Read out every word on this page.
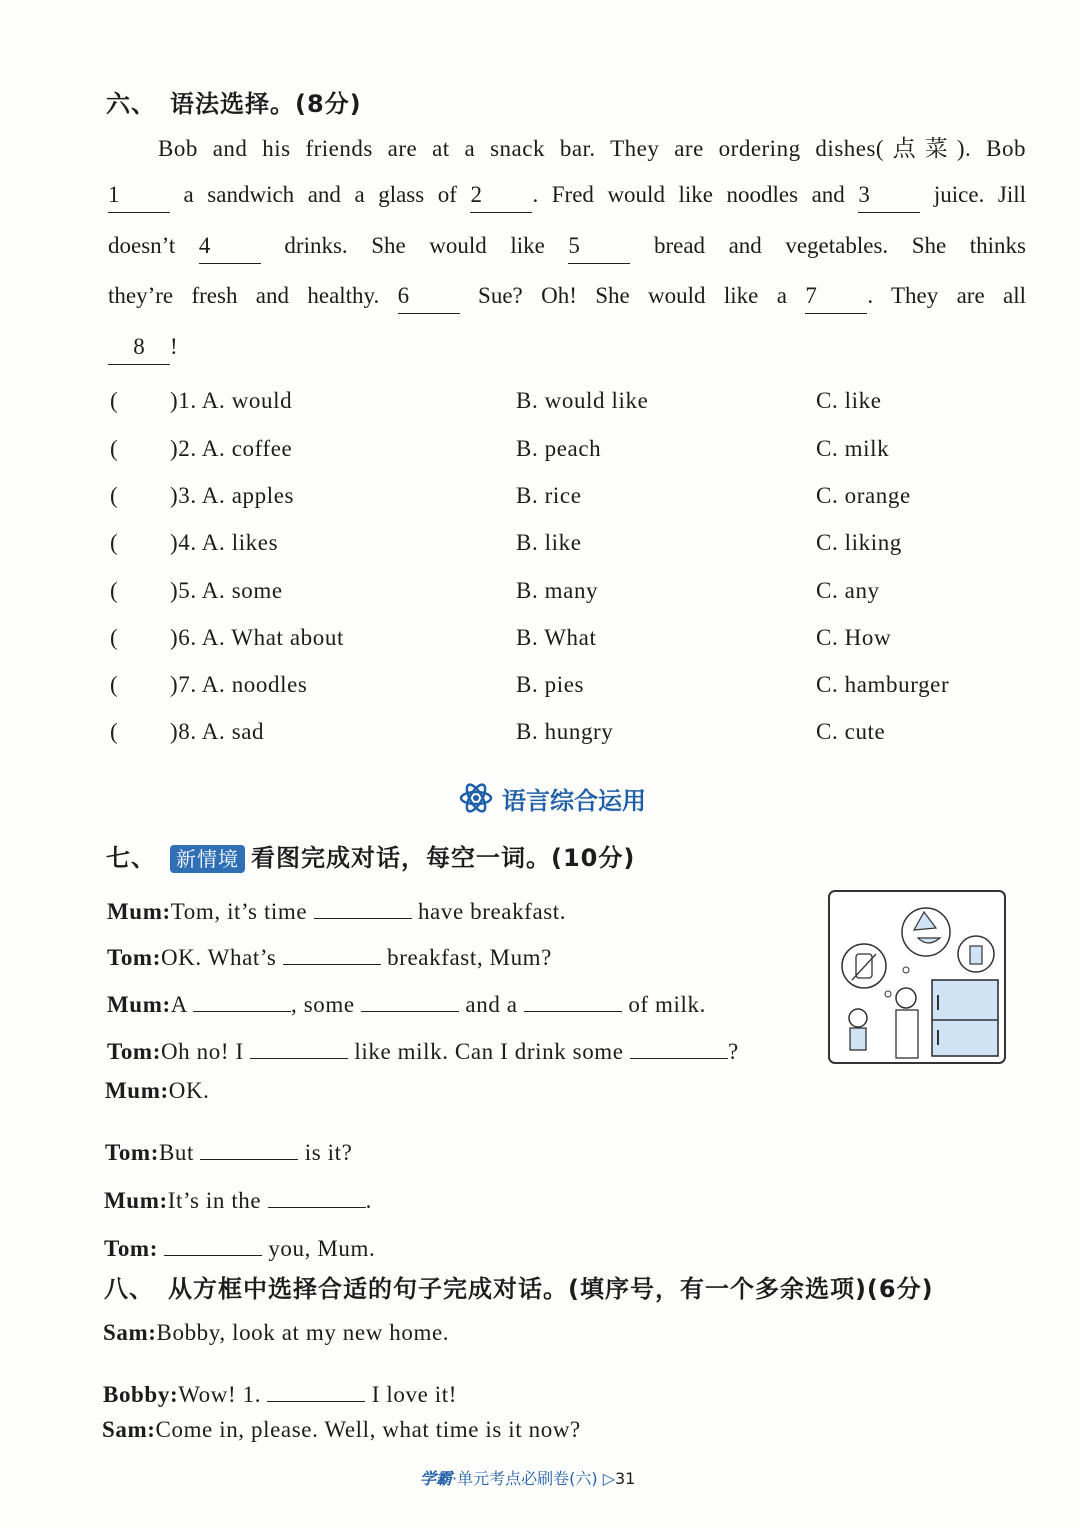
六、 语法选择。(8分)
Bob and his friends are at a snack bar. They are ordering dishes(点菜). Bob
1	a sandwich and a glass of 2 . Fred would like noodles and 3	juice. Jill
doesn’t 4	drinks. She would like 5	bread and vegetables. She thinks
they’re fresh and healthy. 6	Sue? Oh! She would like a 7 . They are all
8 !
( )1. A. would	B. would like	C. like
( )2. A. coffee	B. peach	C. milk
( )3. A. apples	B. rice	C. orange
( )4. A. likes	B. like	C. liking
( )5. A. some	B. many	C. any
( )6. A. What about	B. What	C. How
( )7. A. noodles	B. pies	C. hamburger
( )8. A. sad	B. hungry	C. cute
语言综合运用
七、 新情境 看图完成对话，每空一词。(10分)
Mum:Tom, it’s time	have breakfast.
Tom:OK. What’s	breakfast, Mum?
Mum:A	, some	and a	of milk.
Tom:Oh no! I	like milk. Can I drink some	?
Mum:OK.
Tom:But	is it?
Mum:It’s in the	.
Tom:	you, Mum.
八、 从方框中选择合适的句子完成对话。(填序号，有一个多余选项)(6分)
Sam:Bobby, look at my new home.
Bobby:Wow! 1.	I love it!
Sam:Come in, please. Well, what time is it now?
学霸·单元考点必刷卷(六) ▷31
